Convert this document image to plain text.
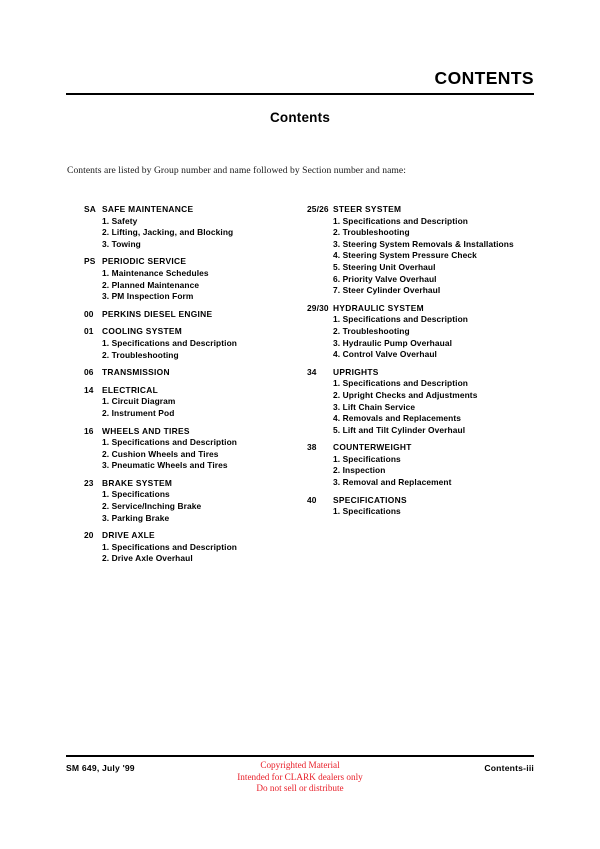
CONTENTS
Contents
Contents are listed by Group number and name followed by Section number and name:
SA SAFE MAINTENANCE
1. Safety
2. Lifting, Jacking, and Blocking
3. Towing
PS PERIODIC SERVICE
1. Maintenance Schedules
2. Planned Maintenance
3. PM Inspection Form
00 PERKINS DIESEL ENGINE
01 COOLING SYSTEM
1. Specifications and Description
2. Troubleshooting
06 TRANSMISSION
14 ELECTRICAL
1. Circuit Diagram
2. Instrument Pod
16 WHEELS AND TIRES
1. Specifications and Description
2. Cushion Wheels and Tires
3. Pneumatic Wheels and Tires
23 BRAKE SYSTEM
1. Specifications
2. Service/Inching Brake
3. Parking Brake
20 DRIVE AXLE
1. Specifications and Description
2. Drive Axle Overhaul
25/26 STEER SYSTEM
1. Specifications and Description
2. Troubleshooting
3. Steering System Removals & Installations
4. Steering System Pressure Check
5. Steering Unit Overhaul
6. Priority Valve Overhaul
7. Steer Cylinder Overhaul
29/30 HYDRAULIC SYSTEM
1. Specifications and Description
2. Troubleshooting
3. Hydraulic Pump Overhaual
4. Control Valve Overhaul
34	UPRIGHTS
1. Specifications and Description
2. Upright Checks and Adjustments
3. Lift Chain Service
4. Removals and Replacements
5. Lift and Tilt Cylinder Overhaul
38	COUNTERWEIGHT
1. Specifications
2. Inspection
3. Removal and Replacement
40	SPECIFICATIONS
1. Specifications
SM 649, July '99	Copyrighted Material
Intended for CLARK dealers only
Do not sell or distribute
Contents-iii
